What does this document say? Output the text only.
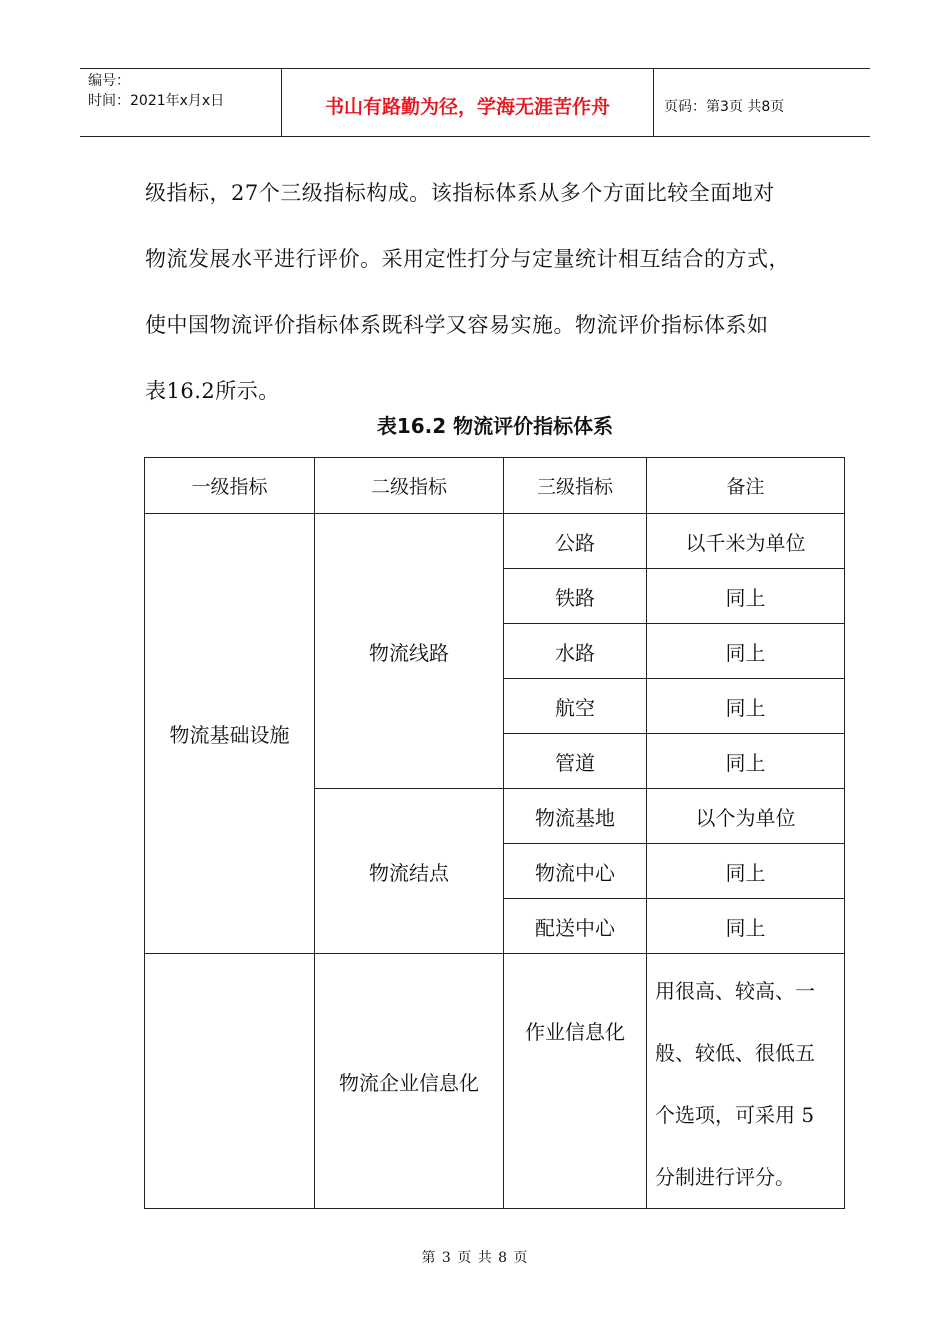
编号：
时间：2021年x月x日	书山有路勤为径，学海无涯苦作舟	页码：第3页 共8页

级指标，27个三级指标构成。该指标体系从多个方面比较全面地对

物流发展水平进行评价。采用定性打分与定量统计相互结合的方式，

使中国物流评价指标体系既科学又容易实施。物流评价指标体系如

表16.2所示。

表16.2 物流评价指标体系
一级指标	二级指标	三级指标	备注
物流基础设施	物流线路	公路	以千米为单位
		铁路	同上
		水路	同上
		航空	同上
		管道	同上
	物流结点	物流基地	以个为单位
		物流中心	同上
		配送中心	同上
	物流企业信息化	作业信息化	用很高、较高、一
般、较低、很低五
个选项，可采用 5
分制进行评分。
第 3 页 共 8 页
